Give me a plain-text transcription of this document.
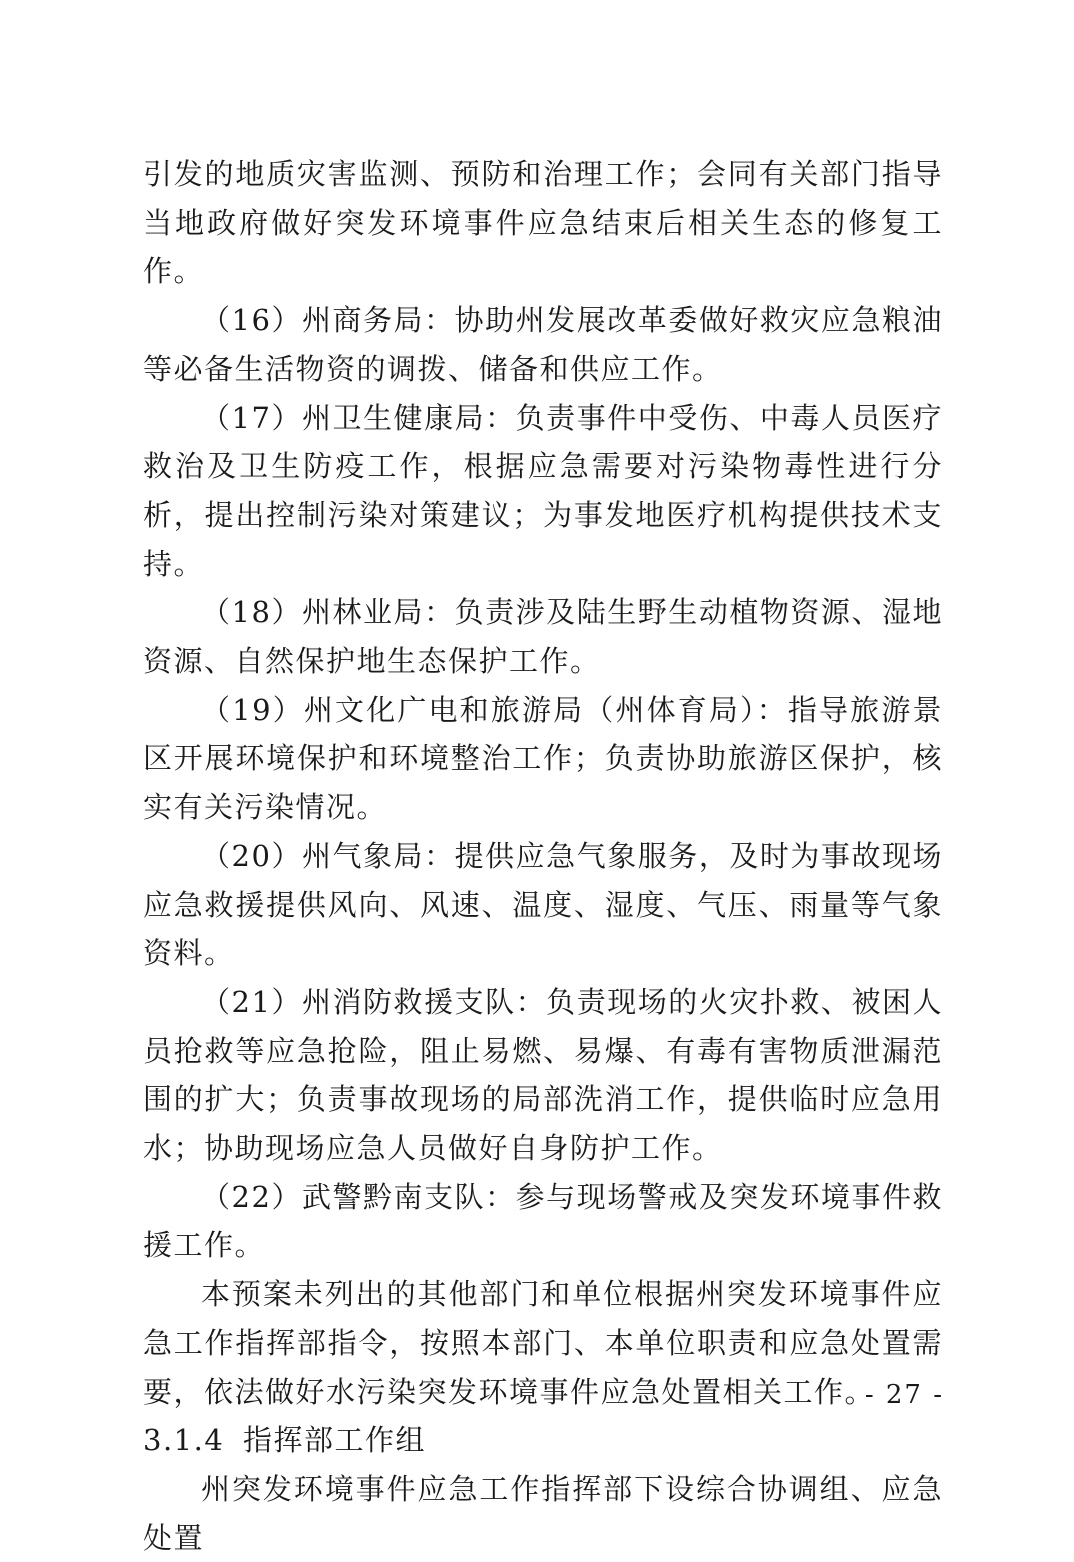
引发的地质灾害监测、预防和治理工作；会同有关部门指导当地政府做好突发环境事件应急结束后相关生态的修复工作。

（16）州商务局：协助州发展改革委做好救灾应急粮油等必备生活物资的调拨、储备和供应工作。

（17）州卫生健康局：负责事件中受伤、中毒人员医疗救治及卫生防疫工作，根据应急需要对污染物毒性进行分析，提出控制污染对策建议；为事发地医疗机构提供技术支持。

（18）州林业局：负责涉及陆生野生动植物资源、湿地资源、自然保护地生态保护工作。

（19）州文化广电和旅游局（州体育局）：指导旅游景区开展环境保护和环境整治工作；负责协助旅游区保护，核实有关污染情况。

（20）州气象局：提供应急气象服务，及时为事故现场应急救援提供风向、风速、温度、湿度、气压、雨量等气象资料。

（21）州消防救援支队：负责现场的火灾扑救、被困人员抢救等应急抢险，阻止易燃、易爆、有毒有害物质泄漏范围的扩大；负责事故现场的局部洗消工作，提供临时应急用水；协助现场应急人员做好自身防护工作。

（22）武警黔南支队：参与现场警戒及突发环境事件救援工作。

本预案未列出的其他部门和单位根据州突发环境事件应急工作指挥部指令，按照本部门、本单位职责和应急处置需要，依法做好水污染突发环境事件应急处置相关工作。

3.1.4 指挥部工作组

州突发环境事件应急工作指挥部下设综合协调组、应急处置

- 27 -
